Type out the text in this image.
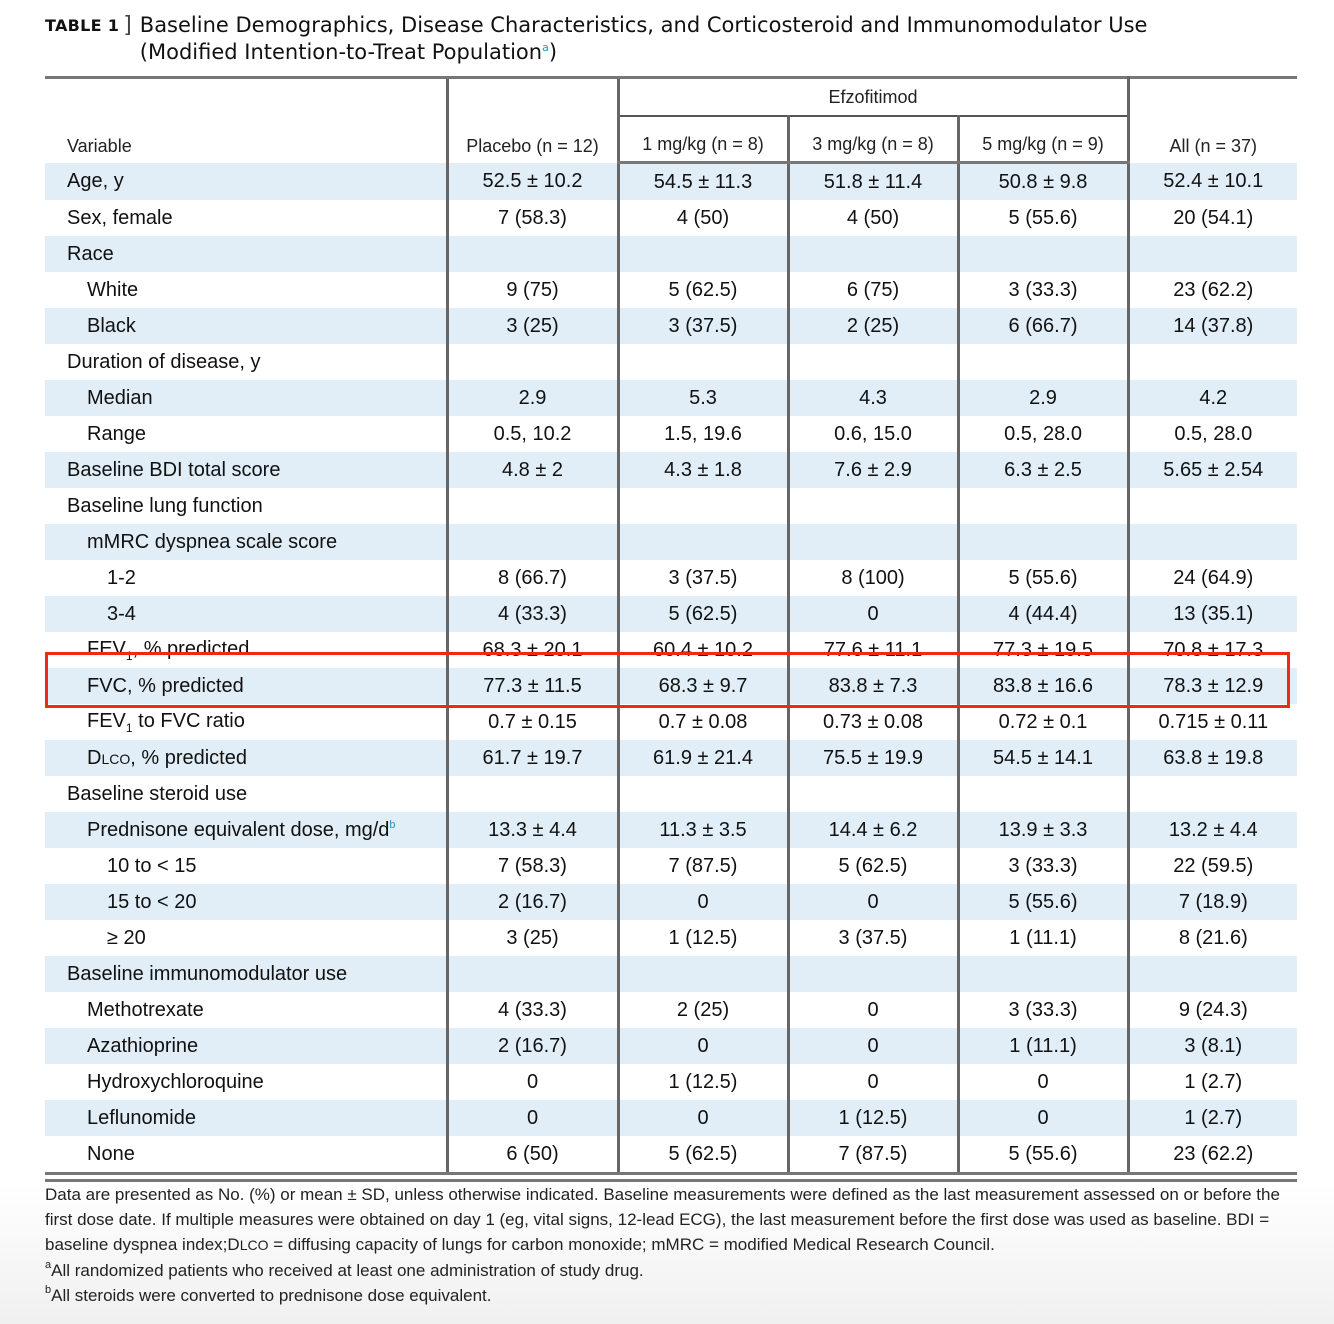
TABLE 1 ] Baseline Demographics, Disease Characteristics, and Corticosteroid and Immunomodulator Use
(Modified Intention-to-Treat Population$^a$)
Variable	Placebo (n = 12)	Efzofitimod			All (n = 37)
		1 mg/kg (n = 8)	3 mg/kg (n = 8)	5 mg/kg (n = 9)	
Age, y	52.5 ± 10.2	54.5 ± 11.3	51.8 ± 11.4	50.8 ± 9.8	52.4 ± 10.1
Sex, female	7 (58.3)	4 (50)	4 (50)	5 (55.6)	20 (54.1)
Race					
White	9 (75)	5 (62.5)	6 (75)	3 (33.3)	23 (62.2)
Black	3 (25)	3 (37.5)	2 (25)	6 (66.7)	14 (37.8)
Duration of disease, y					
Median	2.9	5.3	4.3	2.9	4.2
Range	0.5, 10.2	1.5, 19.6	0.6, 15.0	0.5, 28.0	0.5, 28.0
Baseline BDI total score	4.8 ± 2	4.3 ± 1.8	7.6 ± 2.9	6.3 ± 2.5	5.65 ± 2.54
Baseline lung function					
mMRC dyspnea scale score					
1-2	8 (66.7)	3 (37.5)	8 (100)	5 (55.6)	24 (64.9)
3-4	4 (33.3)	5 (62.5)	0	4 (44.4)	13 (35.1)
$FEV_1$, % predicted	68.3 ± 20.1	60.4 ± 10.2	77.6 ± 11.1	77.3 ± 19.5	70.8 ± 17.3
FVC, % predicted	77.3 ± 11.5	68.3 ± 9.7	83.8 ± 7.3	83.8 ± 16.6	78.3 ± 12.9
$FEV_1$ to FVC ratio	0.7 ± 0.15	0.7 ± 0.08	0.73 ± 0.08	0.72 ± 0.1	0.715 ± 0.11
DLCO, % predicted	61.7 ± 19.7	61.9 ± 21.4	75.5 ± 19.9	54.5 ± 14.1	63.8 ± 19.8
Baseline steroid use					
Prednisone equivalent dose, $mg/d^b$	13.3 ± 4.4	11.3 ± 3.5	14.4 ± 6.2	13.9 ± 3.3	13.2 ± 4.4
10 to < 15	7 (58.3)	7 (87.5)	5 (62.5)	3 (33.3)	22 (59.5)
15 to < 20	2 (16.7)	0	0	5 (55.6)	7 (18.9)
≥ 20	3 (25)	1 (12.5)	3 (37.5)	1 (11.1)	8 (21.6)
Baseline immunomodulator use					
Methotrexate	4 (33.3)	2 (25)	0	3 (33.3)	9 (24.3)
Azathioprine	2 (16.7)	0	0	1 (11.1)	3 (8.1)
Hydroxychloroquine	0	1 (12.5)	0	0	1 (2.7)
Leflunomide	0	0	1 (12.5)	0	1 (2.7)
None	6 (50)	5 (62.5)	7 (87.5)	5 (55.6)	23 (62.2)

Data are presented as No. (%) or mean ± SD, unless otherwise indicated. Baseline measurements were defined as the last measurement assessed on or before the first dose date. If multiple measures were obtained on day 1 (eg, vital signs, 12-lead ECG), the last measurement before the first dose was used as baseline. BDI = baseline dyspnea index;DLCO = diffusing capacity of lungs for carbon monoxide; mMRC = modified Medical Research Council.

$^a$All randomized patients who received at least one administration of study drug.

$^b$All steroids were converted to prednisone dose equivalent.
